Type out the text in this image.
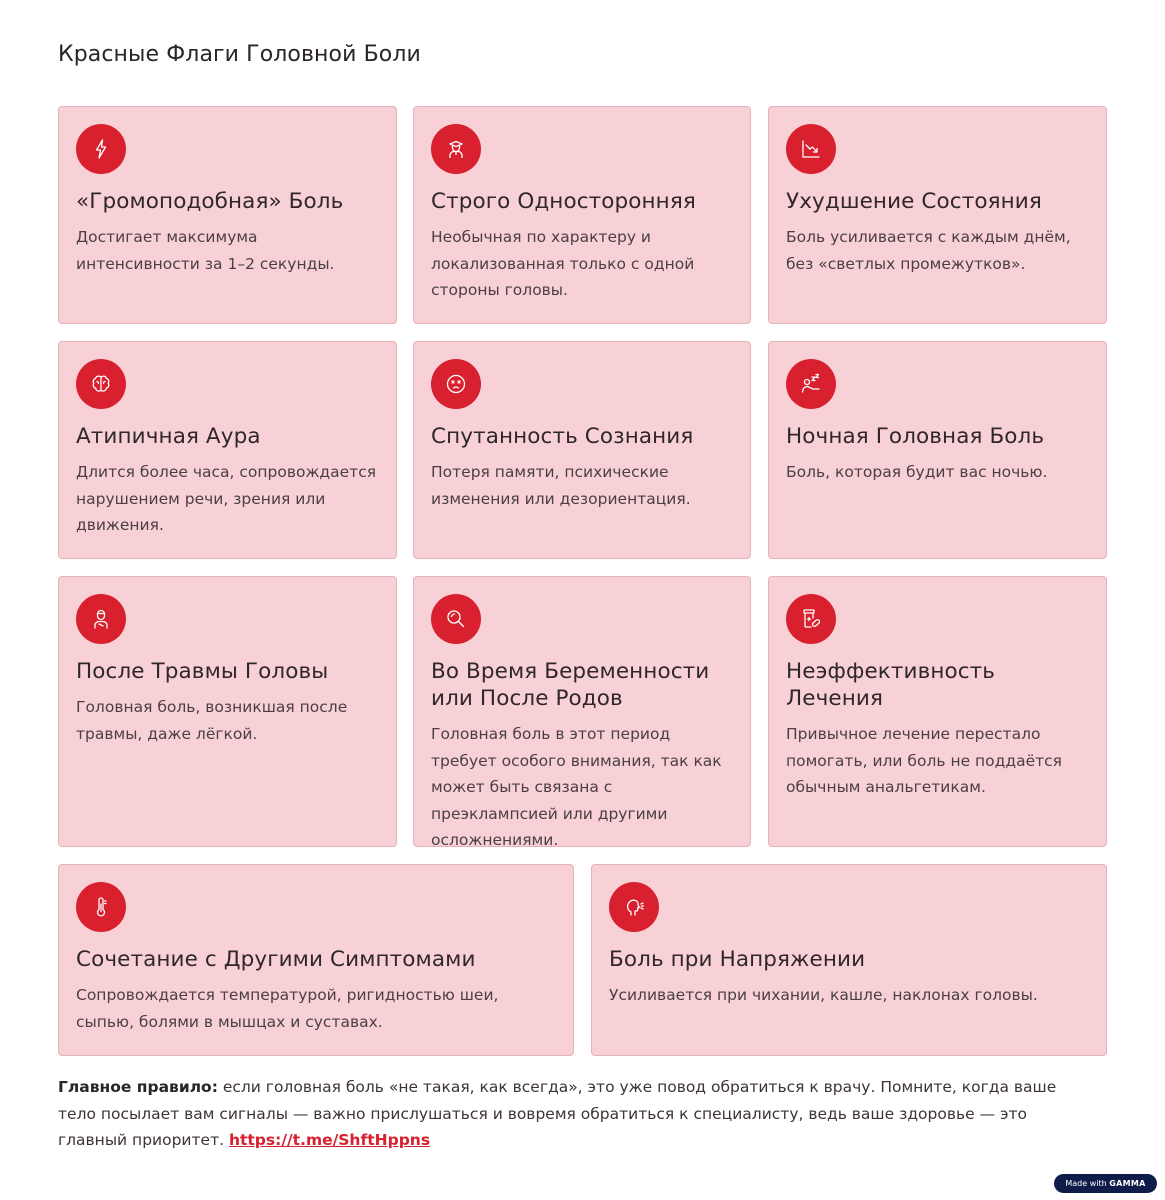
Красные Флаги Головной Боли
«Громоподобная» Боль

Достигает максимума интенсивности за 1–2 секунды.

Строго Односторонняя

Необычная по характеру и локализованная только с одной стороны головы.

Ухудшение Состояния

Боль усиливается с каждым днём, без «светлых промежутков».

Атипичная Аура

Длится более часа, сопровождается нарушением речи, зрения или движения.

Спутанность Сознания

Потеря памяти, психические изменения или дезориентация.

Ночная Головная Боль

Боль, которая будит вас ночью.

После Травмы Головы

Головная боль, возникшая после травмы, даже лёгкой.

Во Время Беременности или После Родов

Головная боль в этот период требует особого внимания, так как может быть связана с преэклампсией или другими осложнениями.

Неэффективность Лечения

Привычное лечение перестало помогать, или боль не поддаётся обычным анальгетикам.

Сочетание с Другими Симптомами

Сопровождается температурой, ригидностью шеи, сыпью, болями в мышцах и суставах.

Боль при Напряжении

Усиливается при чихании, кашле, наклонах головы.

Главное правило: если головная боль «не такая, как всегда», это уже повод обратиться к врачу. Помните, когда ваше тело посылает вам сигналы — важно прислушаться и вовремя обратиться к специалисту, ведь ваше здоровье — это главный приоритет. https://t.me/ShftHppns

Made with GAMMA
